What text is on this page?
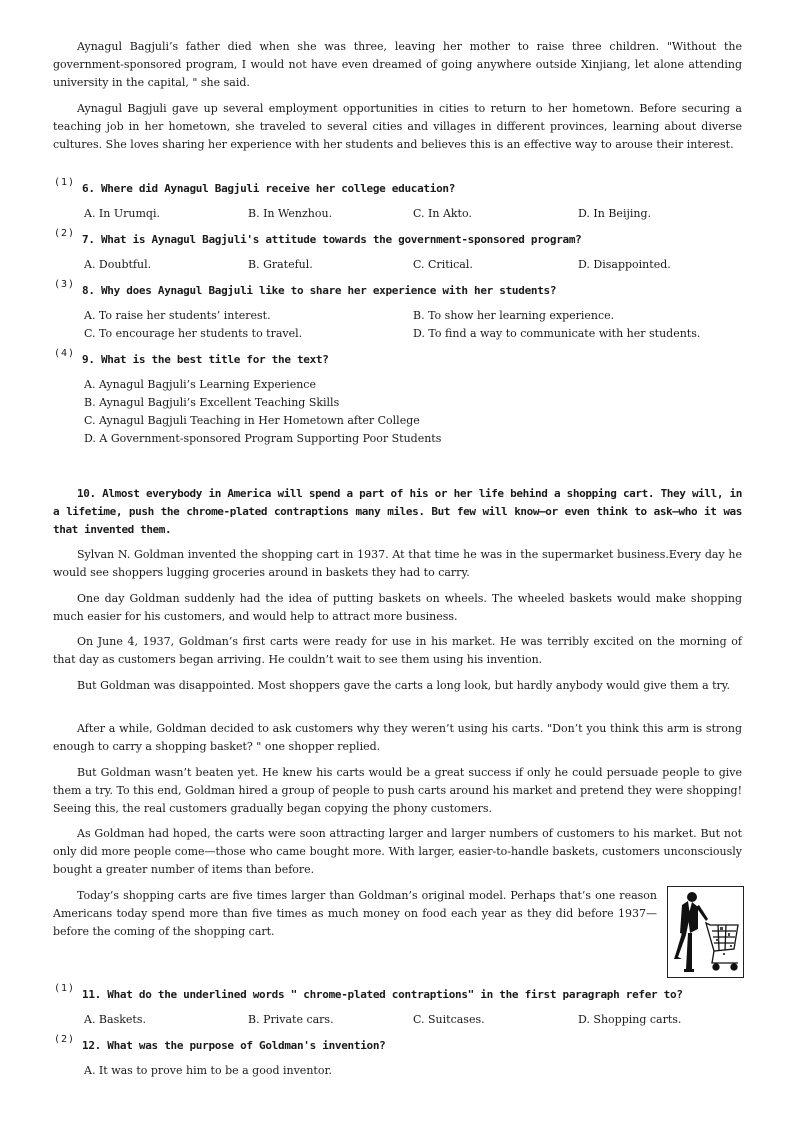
Aynagul Bagjuli’s father died when she was three, leaving her mother to raise three children. "Without the government-sponsored program, I would not have even dreamed of going anywhere outside Xinjiang, let alone attending university in the capital, " she said.
Aynagul Bagjuli gave up several employment opportunities in cities to return to her hometown. Before securing a teaching job in her hometown, she traveled to several cities and villages in different provinces, learning about diverse cultures. She loves sharing her experience with her students and believes this is an effective way to arouse their interest.
(1) 6. Where did Aynagul Bagjuli receive her college education?
A. In Urumqi.	B. In Wenzhou.	C. In Akto.	D. In Beijing.
(2) 7. What is Aynagul Bagjuli's attitude towards the government-sponsored program?
A. Doubtful.	B. Grateful.	C. Critical.	D. Disappointed.
(3) 8. Why does Aynagul Bagjuli like to share her experience with her students?
A. To raise her students’ interest.	B. To show her learning experience.
C. To encourage her students to travel.	D. To find a way to communicate with her students.
(4) 9. What is the best title for the text?
A. Aynagul Bagjuli’s Learning Experience
B. Aynagul Bagjuli’s Excellent Teaching Skills
C. Aynagul Bagjuli Teaching in Her Hometown after College
D. A Government-sponsored Program Supporting Poor Students
10. Almost everybody in America will spend a part of his or her life behind a shopping cart. They will, in a lifetime, push the chrome-plated contraptions many miles. But few will know—or even think to ask—who it was that invented them.
Sylvan N. Goldman invented the shopping cart in 1937. At that time he was in the supermarket business.Every day he would see shoppers lugging groceries around in baskets they had to carry.
One day Goldman suddenly had the idea of putting baskets on wheels. The wheeled baskets would make shopping much easier for his customers, and would help to attract more business.
On June 4, 1937, Goldman’s first carts were ready for use in his market. He was terribly excited on the morning of that day as customers began arriving. He couldn’t wait to see them using his invention.
But Goldman was disappointed. Most shoppers gave the carts a long look, but hardly anybody would give them a try.
After a while, Goldman decided to ask customers why they weren’t using his carts. "Don’t you think this arm is strong enough to carry a shopping basket? " one shopper replied.
But Goldman wasn’t beaten yet. He knew his carts would be a great success if only he could persuade people to give them a try. To this end, Goldman hired a group of people to push carts around his market and pretend they were shopping! Seeing this, the real customers gradually began copying the phony customers.
As Goldman had hoped, the carts were soon attracting larger and larger numbers of customers to his market. But not only did more people come—those who came bought more. With larger, easier-to-handle baskets, customers unconsciously bought a greater number of items than before.
Today’s shopping carts are five times larger than Goldman’s original model. Perhaps that’s one reason Americans today spend more than five times as much money on food each year as they did before 1937—before the coming of the shopping cart.
(1) 11. What do the underlined words " chrome-plated contraptions" in the first paragraph refer to?
A. Baskets.	B. Private cars.	C. Suitcases.	D. Shopping carts.
(2) 12. What was the purpose of Goldman's invention?
A. It was to prove him to be a good inventor.
